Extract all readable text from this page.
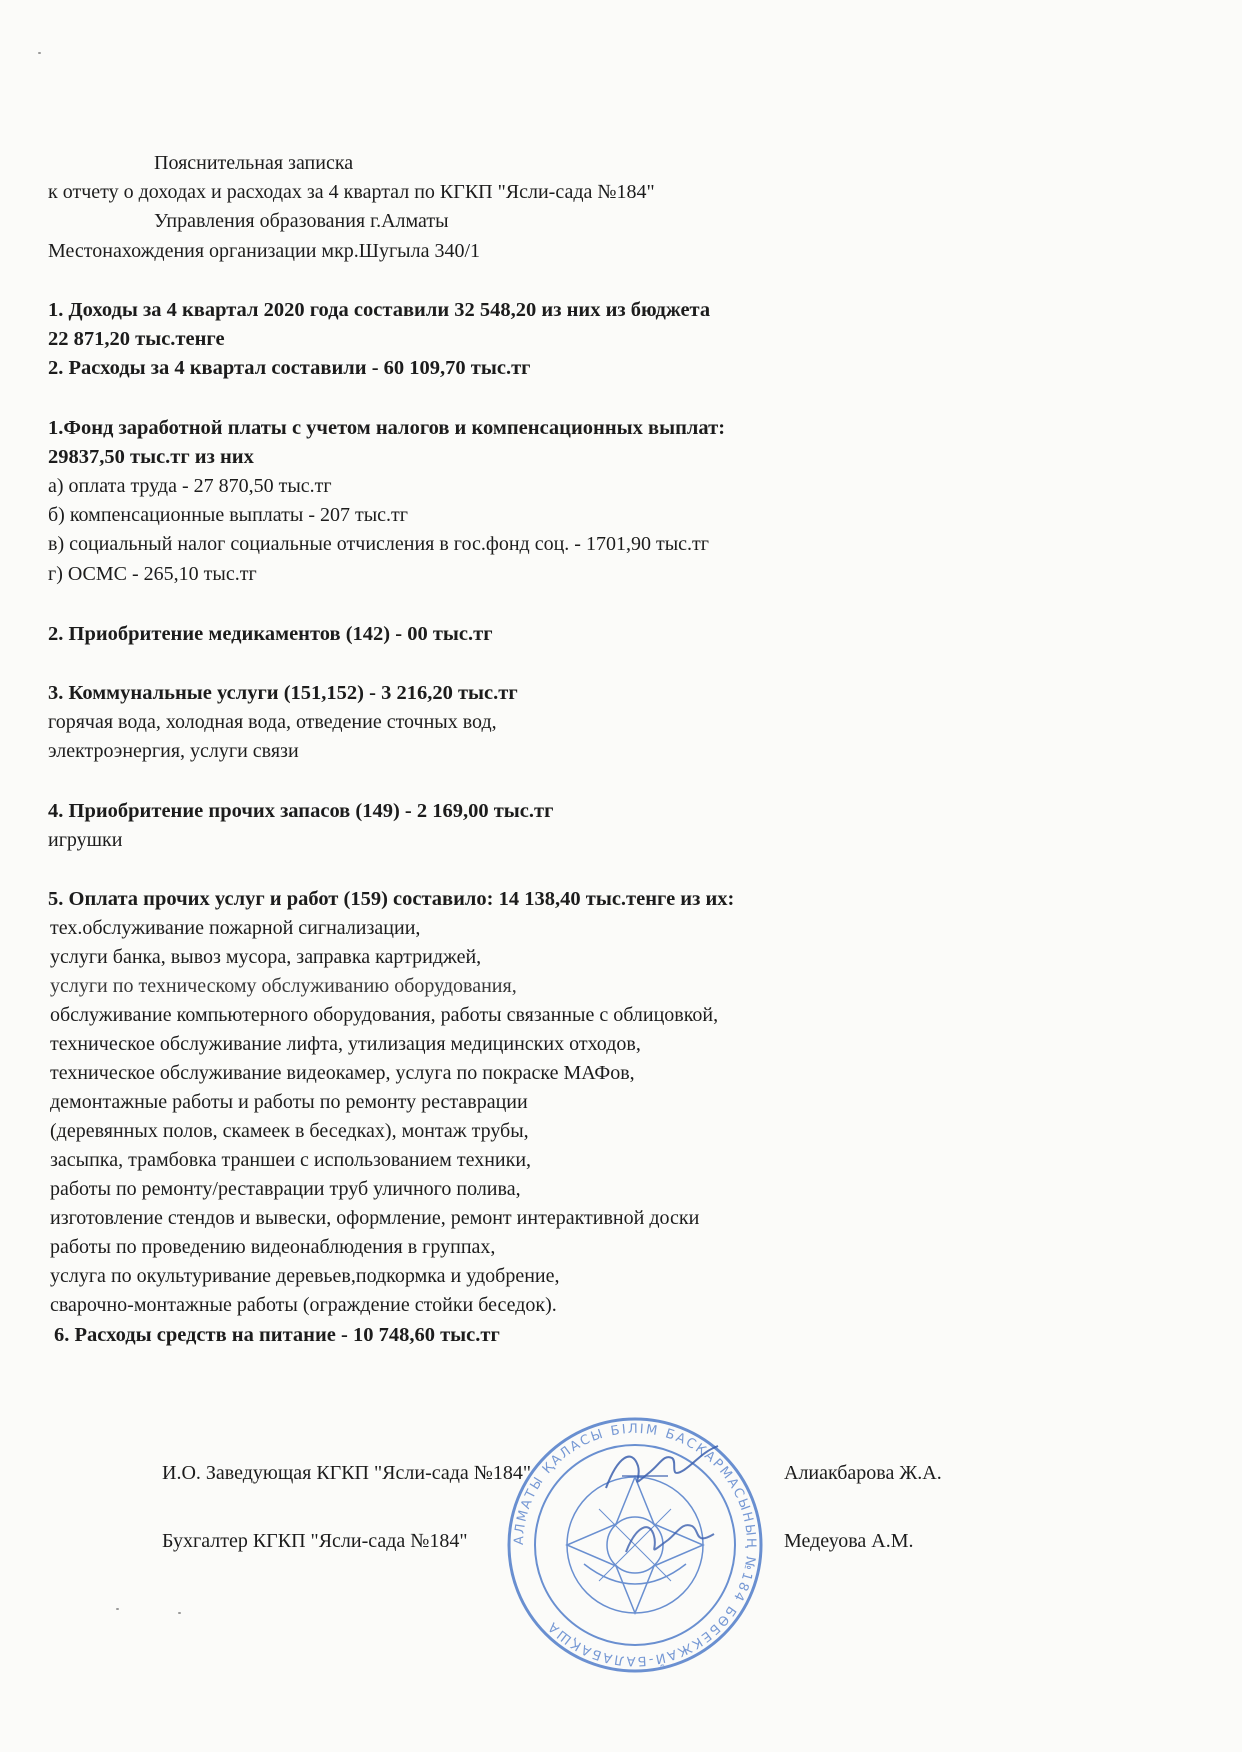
Пояснительная записка
к отчету о доходах и расходах за 4 квартал по КГКП "Ясли-сада №184"
Управления образования г.Алматы
Местонахождения организации мкр.Шугыла 340/1
1. Доходы за 4 квартал 2020 года составили 32 548,20 из них из бюджета
22 871,20 тыс.тенге
2. Расходы за 4 квартал составили - 60 109,70 тыс.тг
1.Фонд заработной платы с учетом налогов и компенсационных выплат:
29837,50 тыс.тг из них
а) оплата труда - 27 870,50 тыс.тг
б) компенсационные выплаты - 207 тыс.тг
в) социальный налог социальные отчисления в гос.фонд соц. - 1701,90 тыс.тг
г) ОСМС - 265,10 тыс.тг
2. Приобритение медикаментов (142) - 00 тыс.тг
3. Коммунальные услуги (151,152) - 3 216,20 тыс.тг
горячая вода, холодная вода, отведение сточных вод,
электроэнергия, услуги связи
4. Приобритение прочих запасов (149) - 2 169,00 тыс.тг
игрушки
5. Оплата прочих услуг и работ (159) составило: 14 138,40 тыс.тенге из их:
тех.обслуживание пожарной сигнализации,
услуги банка, вывоз мусора, заправка картриджей,
услуги по техническому обслуживанию оборудования,
обслуживание компьютерного оборудования, работы связанные с облицовкой,
техническое обслуживание лифта, утилизация медицинских отходов,
техническое обслуживание видеокамер, услуга по покраске МАФов,
демонтажные работы и работы по ремонту реставрации
(деревянных полов, скамеек в беседках), монтаж трубы,
засыпка, трамбовка траншеи с использованием техники,
работы по ремонту/реставрации труб уличного полива,
изготовление стендов и вывески, оформление, ремонт интерактивной доски
работы по проведению видеонаблюдения в группах,
услуга по окультуривание деревьев,подкормка и удобрение,
сварочно-монтажные работы (ограждение стойки беседок).
6. Расходы средств на питание - 10 748,60 тыс.тг
АЛМАТЫ ҚАЛАСЫ БІЛІМ БАСҚАРМАСЫНЫҢ №184 БӨБЕКЖАЙ-БАЛАБАҚША
И.О. Заведующая КГКП "Ясли-сада №184"	Алиакбарова Ж.А.
Бухгалтер КГКП "Ясли-сада №184"	Медеуова А.М.
